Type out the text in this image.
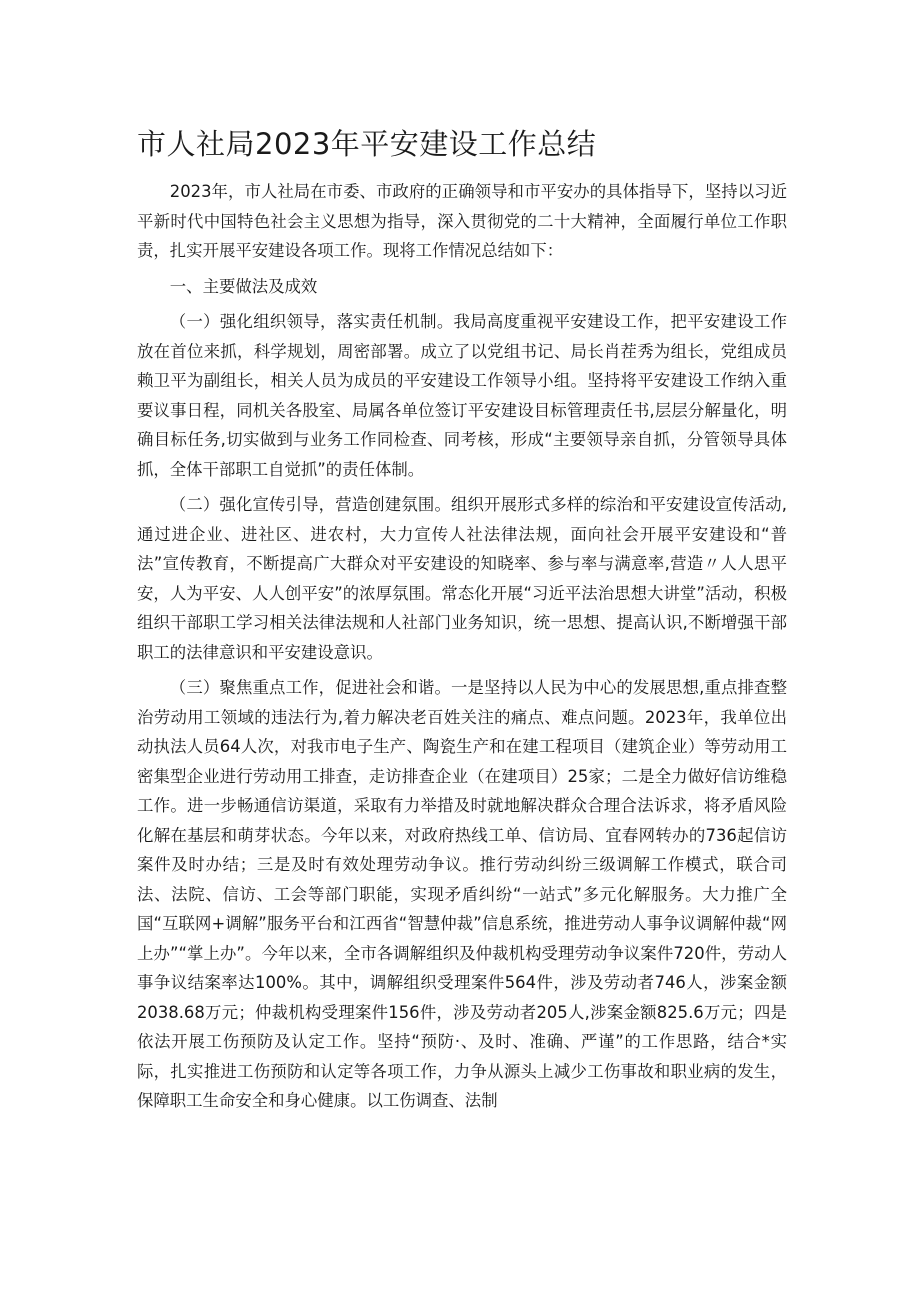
市人社局2023年平安建设工作总结

2023年，市人社局在市委、市政府的正确领导和市平安办的具体指导下，坚持以习近平新时代中国特色社会主义思想为指导，深入贯彻党的二十大精神，全面履行单位工作职责，扎实开展平安建设各项工作。现将工作情况总结如下：

一、主要做法及成效

（一）强化组织领导，落实责任机制。我局高度重视平安建设工作，把平安建设工作放在首位来抓，科学规划，周密部署。成立了以党组书记、局长肖茬秀为组长，党组成员赖卫平为副组长，相关人员为成员的平安建设工作领导小组。坚持将平安建设工作纳入重要议事日程，同机关各股室、局属各单位签订平安建设目标管理责任书,层层分解量化，明确目标任务,切实做到与业务工作同检查、同考核，形成“主要领导亲自抓，分管领导具体抓，全体干部职工自觉抓”的责任体制。

（二）强化宣传引导，营造创建氛围。组织开展形式多样的综治和平安建设宣传活动,通过进企业、进社区、进农村，大力宣传人社法律法规，面向社会开展平安建设和“普法”宣传教育，不断提高广大群众对平安建设的知晓率、参与率与满意率,营造〃人人思平安，人为平安、人人创平安”的浓厚氛围。常态化开展“习近平法治思想大讲堂”活动，积极组织干部职工学习相关法律法规和人社部门业务知识，统一思想、提高认识,不断增强干部职工的法律意识和平安建设意识。

（三）聚焦重点工作，促进社会和谐。一是坚持以人民为中心的发展思想,重点排查整治劳动用工领域的违法行为,着力解决老百姓关注的痛点、难点问题。2023年，我单位出动执法人员64人次，对我市电子生产、陶瓷生产和在建工程项目（建筑企业）等劳动用工密集型企业进行劳动用工排查，走访排查企业（在建项目）25家；二是全力做好信访维稳工作。进一步畅通信访渠道，采取有力举措及时就地解决群众合理合法诉求，将矛盾风险化解在基层和萌芽状态。今年以来，对政府热线工单、信访局、宜春网转办的736起信访案件及时办结；三是及时有效处理劳动争议。推行劳动纠纷三级调解工作模式，联合司法、法院、信访、工会等部门职能，实现矛盾纠纷“一站式”多元化解服务。大力推广全国“互联网+调解”服务平台和江西省“智慧仲裁”信息系统，推进劳动人事争议调解仲裁“网上办”“掌上办”。今年以来，全市各调解组织及仲裁机构受理劳动争议案件720件，劳动人事争议结案率达100%。其中，调解组织受理案件564件，涉及劳动者746人，涉案金额2038.68万元；仲裁机构受理案件156件，涉及劳动者205人,涉案金额825.6万元；四是依法开展工伤预防及认定工作。坚持“预防·、及时、准确、严谨”的工作思路，结合*实际，扎实推进工伤预防和认定等各项工作，力争从源头上减少工伤事故和职业病的发生，保障职工生命安全和身心健康。以工伤调查、法制
